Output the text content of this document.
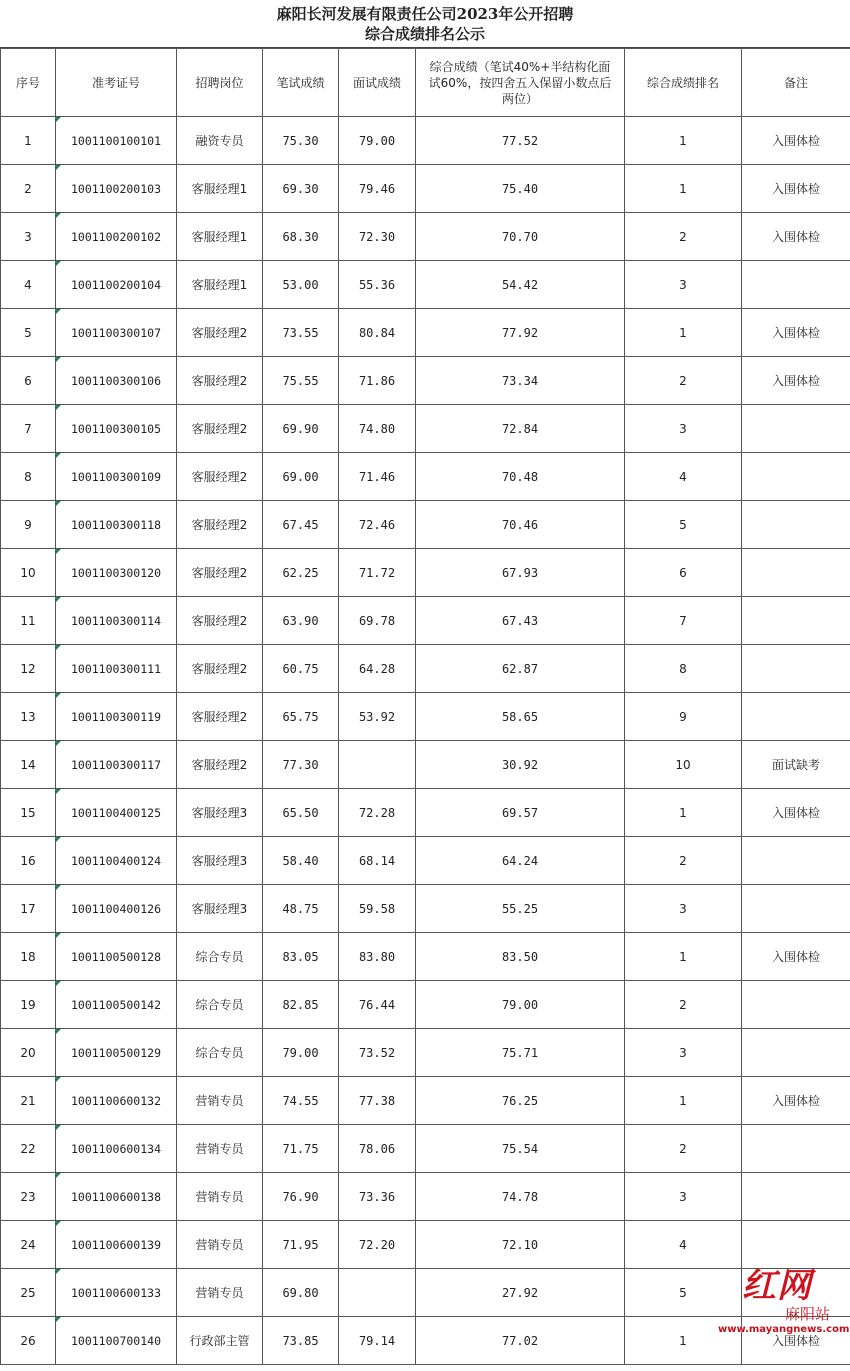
麻阳长河发展有限责任公司2023年公开招聘
综合成绩排名公示
序号	准考证号	招聘岗位	笔试成绩	面试成绩	综合成绩（笔试40%+半结构化面试60%，按四舍五入保留小数点后两位）	综合成绩排名	备注
1	1001100100101	融资专员	75.30	79.00	77.52	1	入围体检
2	1001100200103	客服经理1	69.30	79.46	75.40	1	入围体检
3	1001100200102	客服经理1	68.30	72.30	70.70	2	入围体检
4	1001100200104	客服经理1	53.00	55.36	54.42	3	
5	1001100300107	客服经理2	73.55	80.84	77.92	1	入围体检
6	1001100300106	客服经理2	75.55	71.86	73.34	2	入围体检
7	1001100300105	客服经理2	69.90	74.80	72.84	3	
8	1001100300109	客服经理2	69.00	71.46	70.48	4	
9	1001100300118	客服经理2	67.45	72.46	70.46	5	
10	1001100300120	客服经理2	62.25	71.72	67.93	6	
11	1001100300114	客服经理2	63.90	69.78	67.43	7	
12	1001100300111	客服经理2	60.75	64.28	62.87	8	
13	1001100300119	客服经理2	65.75	53.92	58.65	9	
14	1001100300117	客服经理2	77.30		30.92	10	面试缺考
15	1001100400125	客服经理3	65.50	72.28	69.57	1	入围体检
16	1001100400124	客服经理3	58.40	68.14	64.24	2	
17	1001100400126	客服经理3	48.75	59.58	55.25	3	
18	1001100500128	综合专员	83.05	83.80	83.50	1	入围体检
19	1001100500142	综合专员	82.85	76.44	79.00	2	
20	1001100500129	综合专员	79.00	73.52	75.71	3	
21	1001100600132	营销专员	74.55	77.38	76.25	1	入围体检
22	1001100600134	营销专员	71.75	78.06	75.54	2	
23	1001100600138	营销专员	76.90	73.36	74.78	3	
24	1001100600139	营销专员	71.95	72.20	72.10	4	
25	1001100600133	营销专员	69.80		27.92	5	
26	1001100700140	行政部主管	73.85	79.14	77.02	1	入围体检
红网
麻阳站
www.mayangnews.com
